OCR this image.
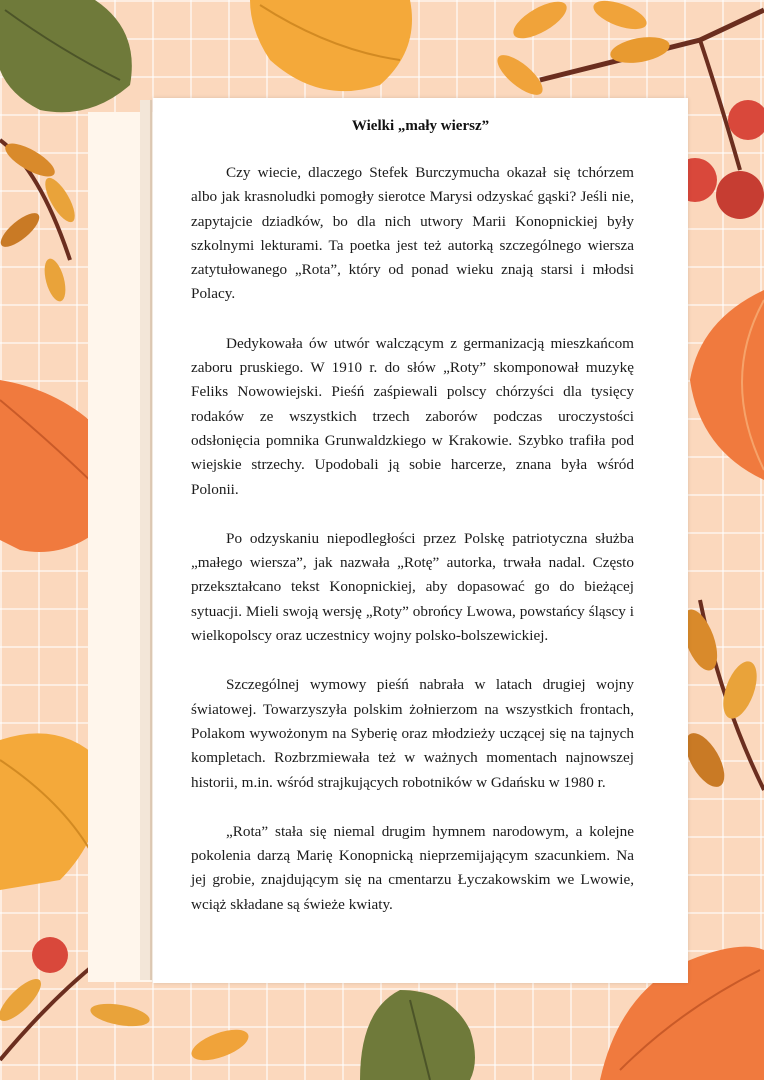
Wielki „mały wiersz”

Czy wiecie, dlaczego Stefek Burczymucha okazał się tchórzem albo jak krasnoludki pomogły sierotce Marysi odzyskać gąski? Jeśli nie, zapytajcie dziadków, bo dla nich utwory Marii Konopnickiej były szkolnymi lekturami. Ta poetka jest też autorką szczególnego wiersza zatytułowanego „Rota”, który od ponad wieku znają starsi i młodsi Polacy.

Dedykowała ów utwór walczącym z germanizacją mieszkańcom zaboru pruskiego. W 1910 r. do słów „Roty” skomponował muzykę Feliks Nowowiejski. Pieśń zaśpiewali polscy chórzyści dla tysięcy rodaków ze wszystkich trzech zaborów podczas uroczystości odsłonięcia pomnika Grunwaldzkiego w Krakowie. Szybko trafiła pod wiejskie strzechy. Upodobali ją sobie harcerze, znana była wśród Polonii.

Po odzyskaniu niepodległości przez Polskę patriotyczna służba „małego wiersza”, jak nazwała „Rotę” autorka, trwała nadal. Często przekształcano tekst Konopnickiej, aby dopasować go do bieżącej sytuacji. Mieli swoją wersję „Roty” obrońcy Lwowa, powstańcy śląscy i wielkopolscy oraz uczestnicy wojny polsko-bolszewickiej.

Szczególnej wymowy pieśń nabrała w latach drugiej wojny światowej. Towarzyszyła polskim żołnierzom na wszystkich frontach, Polakom wywożonym na Syberię oraz młodzieży uczącej się na tajnych kompletach. Rozbrzmiewała też w ważnych momentach najnowszej historii, m.in. wśród strajkujących robotników w Gdańsku w 1980 r.

„Rota” stała się niemal drugim hymnem narodowym, a kolejne pokolenia darzą Marię Konopnicką nieprzemijającym szacunkiem. Na jej grobie, znajdującym się na cmentarzu Łyczakowskim we Lwowie, wciąż składane są świeże kwiaty.
